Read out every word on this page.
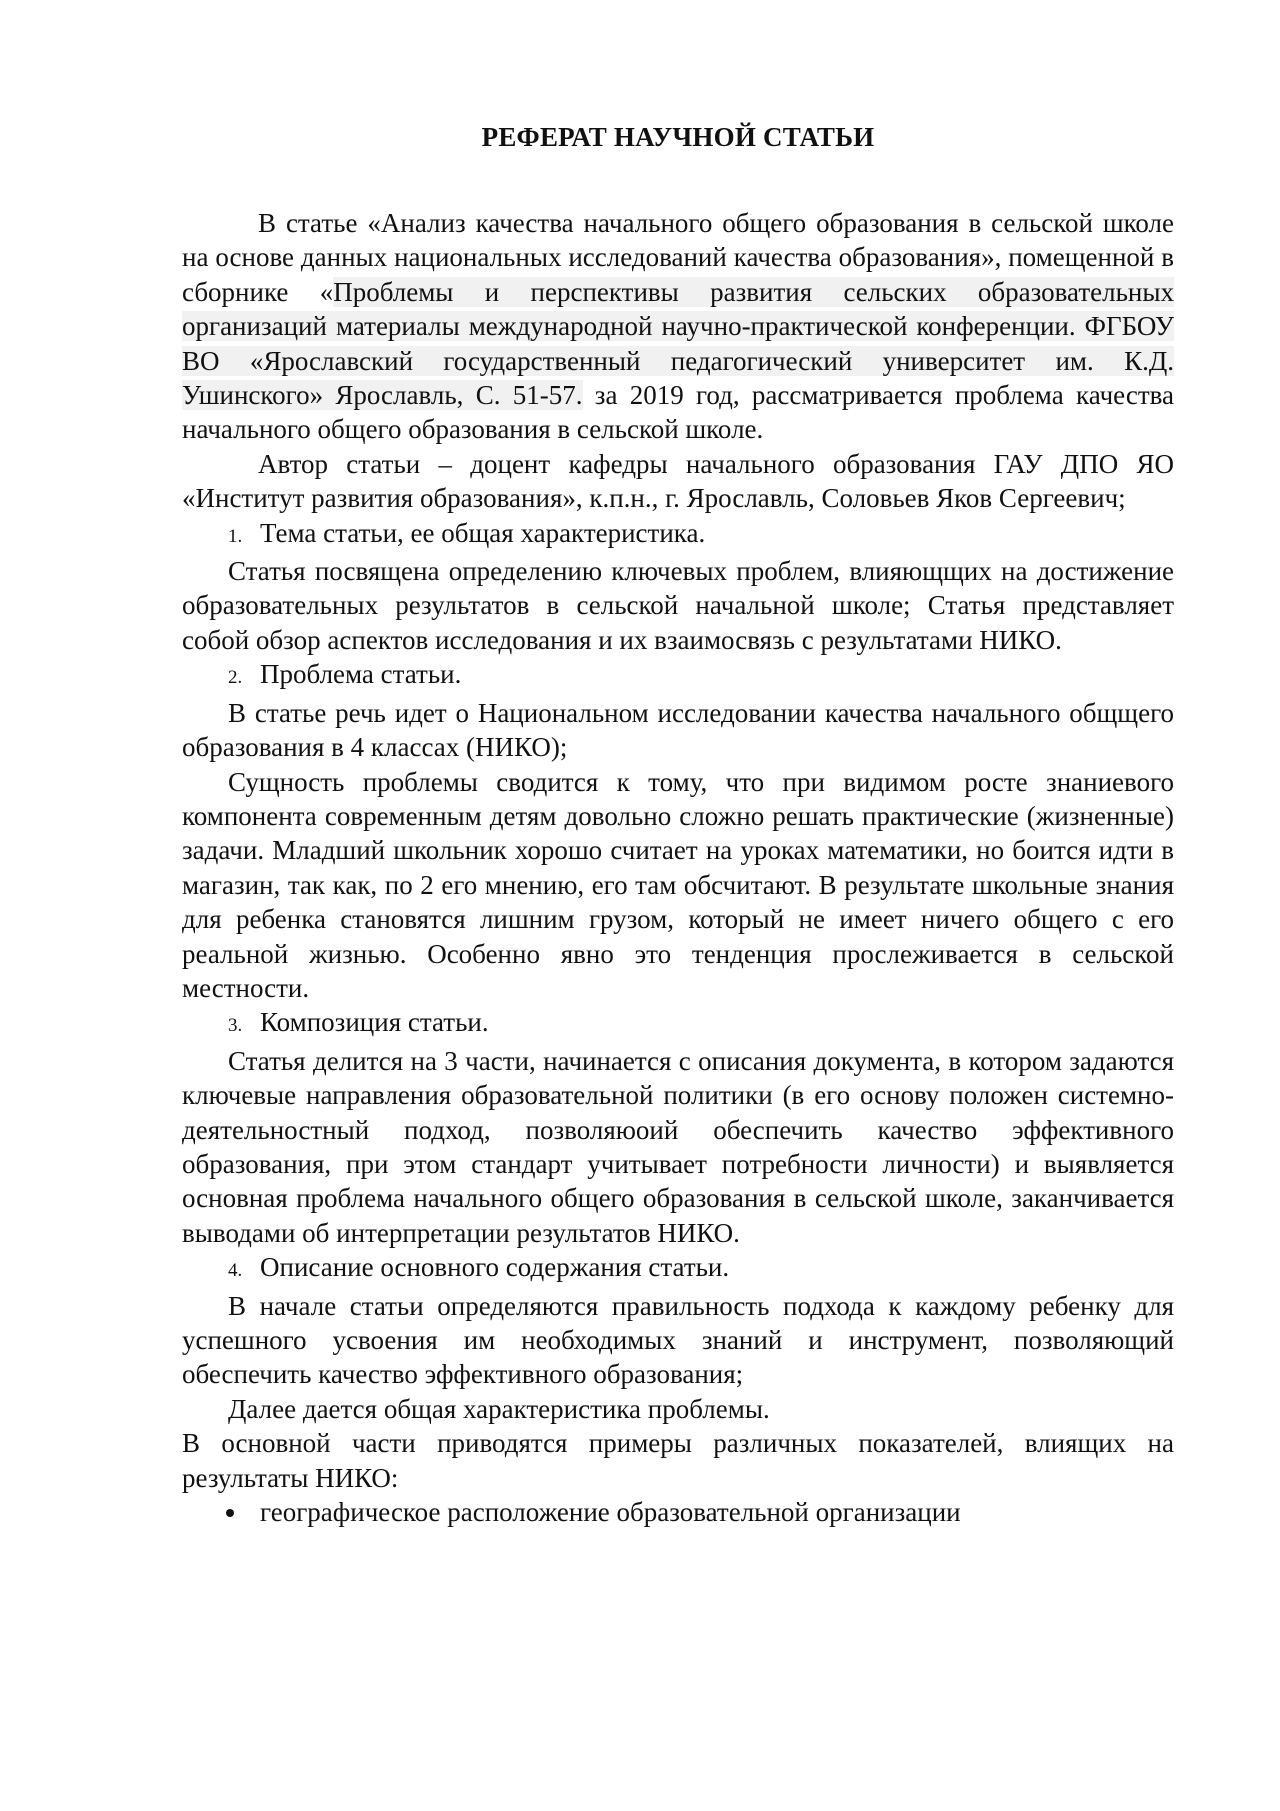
РЕФЕРАТ НАУЧНОЙ СТАТЬИ

В статье «Анализ качества начального общего образования в сельской школе на основе данных национальных исследований качества образования», помещенной в сборнике «Проблемы и перспективы развития сельских образовательных организаций материалы международной научно-практической конференции. ФГБОУ ВО «Ярославский государственный педагогический университет им. К.Д. Ушинского» Ярославль, С. 51-57. за 2019 год, рассматривается проблема качества начального общего образования в сельской школе.

Автор статьи – доцент кафедры начального образования ГАУ ДПО ЯО «Институт развития образования», к.п.н., г. Ярославль, Соловьев Яков Сергеевич;

1. Тема статьи, ее общая характеристика.

Статья посвящена определению ключевых проблем, влияющщих на достижение образовательных результатов в сельской начальной школе; Статья представляет собой обзор аспектов исследования и их взаимосвязь с результатами НИКО.

2. Проблема статьи.

В статье речь идет о Национальном исследовании качества начального общщего образования в 4 классах (НИКО);

Сущность проблемы сводится к тому, что при видимом росте знаниевого компонента современным детям довольно сложно решать практические (жизненные) задачи. Младший школьник хорошо считает на уроках математики, но боится идти в магазин, так как, по 2 его мнению, его там обсчитают. В результате школьные знания для ребенка становятся лишним грузом, который не имеет ничего общего с его реальной жизнью. Особенно явно это тенденция прослеживается в сельской местности.

3. Композиция статьи.

Статья делится на 3 части, начинается с описания документа, в котором задаются ключевые направления образовательной политики (в его основу положен системно-деятельностный подход, позволяюоий обеспечить качество эффективного образования, при этом стандарт учитывает потребности личности) и выявляется основная проблема начального общего образования в сельской школе, заканчивается выводами об интерпретации результатов НИКО.

4. Описание основного содержания статьи.

В начале статьи определяются правильность подхода к каждому ребенку для успешного усвоения им необходимых знаний и инструмент, позволяющий обеспечить качество эффективного образования;

Далее дается общая характеристика проблемы.

В основной части приводятся примеры различных показателей, влиящих на результаты НИКО:

географическое расположение образовательной организации
